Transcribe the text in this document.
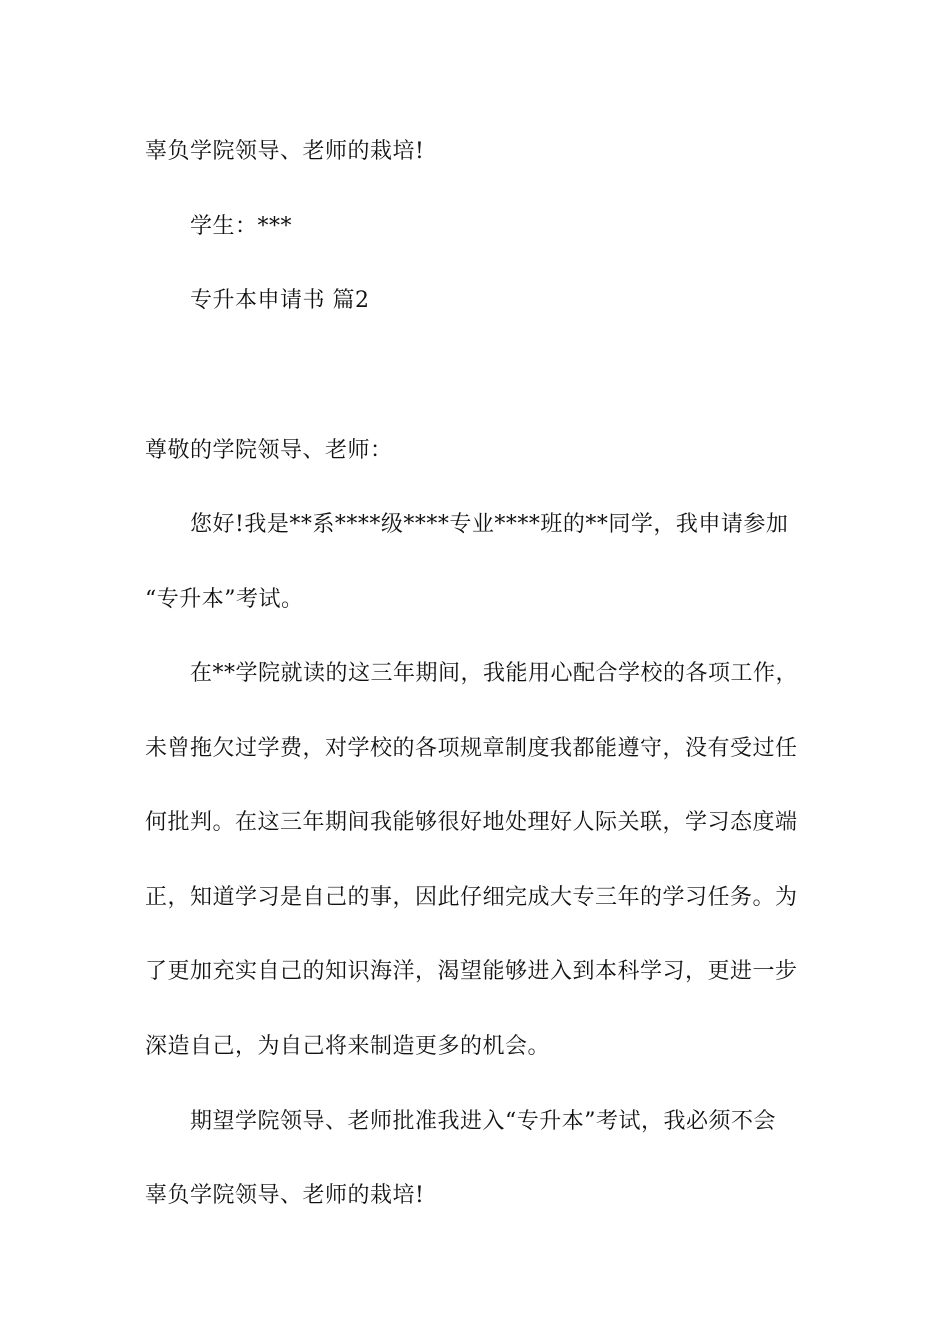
辜负学院领导、老师的栽培!
学生：***
专升本申请书 篇2
尊敬的学院领导、老师：
您好!我是**系****级****专业****班的**同学，我申请参加
“专升本”考试。
在**学院就读的这三年期间，我能用心配合学校的各项工作，
未曾拖欠过学费，对学校的各项规章制度我都能遵守，没有受过任
何批判。在这三年期间我能够很好地处理好人际关联，学习态度端
正，知道学习是自己的事，因此仔细完成大专三年的学习任务。为
了更加充实自己的知识海洋，渴望能够进入到本科学习，更进一步
深造自己，为自己将来制造更多的机会。
期望学院领导、老师批准我进入“专升本”考试，我必须不会
辜负学院领导、老师的栽培!
